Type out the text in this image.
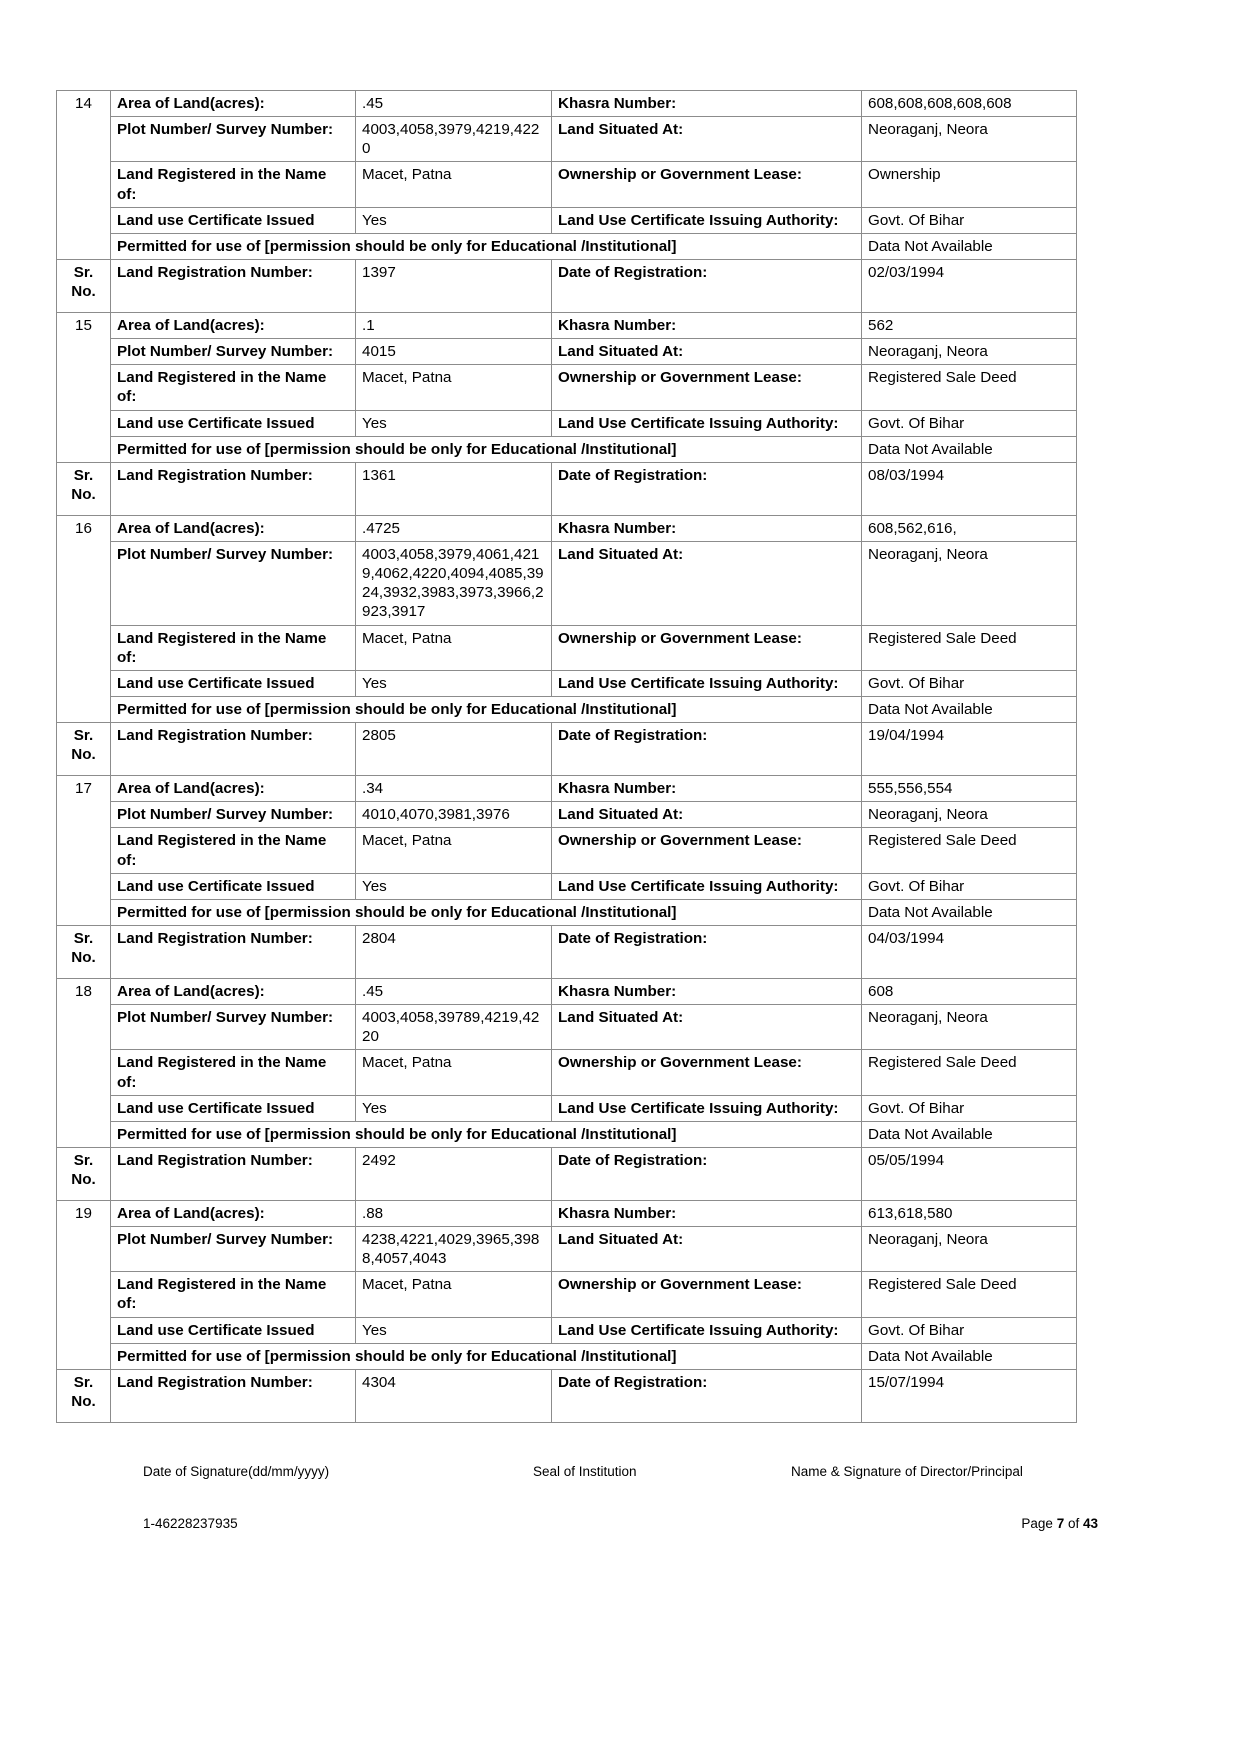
14	Area of Land(acres):	.45	Khasra Number:	608,608,608,608,608
	Plot Number/ Survey Number:	4003,4058,3979,4219,4220	Land Situated At:	Neoraganj, Neora
	Land Registered in the Name of:	Macet, Patna	Ownership or Government Lease:	Ownership
	Land use Certificate Issued	Yes	Land Use Certificate Issuing Authority:	Govt. Of Bihar
	Permitted for use of [permission should be only for Educational /Institutional]			Data Not Available
Sr. No.	Land Registration Number:	1397	Date of Registration:	02/03/1994
15	Area of Land(acres):	.1	Khasra Number:	562
	Plot Number/ Survey Number:	4015	Land Situated At:	Neoraganj, Neora
	Land Registered in the Name of:	Macet, Patna	Ownership or Government Lease:	Registered Sale Deed
	Land use Certificate Issued	Yes	Land Use Certificate Issuing Authority:	Govt. Of Bihar
	Permitted for use of [permission should be only for Educational /Institutional]			Data Not Available
Sr. No.	Land Registration Number:	1361	Date of Registration:	08/03/1994
16	Area of Land(acres):	.4725	Khasra Number:	608,562,616,
	Plot Number/ Survey Number:	4003,4058,3979,4061,4219,4062,4220,4094,4085,3924,3932,3983,3973,3966,2923,3917	Land Situated At:	Neoraganj, Neora
	Land Registered in the Name of:	Macet, Patna	Ownership or Government Lease:	Registered Sale Deed
	Land use Certificate Issued	Yes	Land Use Certificate Issuing Authority:	Govt. Of Bihar
	Permitted for use of [permission should be only for Educational /Institutional]			Data Not Available
Sr. No.	Land Registration Number:	2805	Date of Registration:	19/04/1994
17	Area of Land(acres):	.34	Khasra Number:	555,556,554
	Plot Number/ Survey Number:	4010,4070,3981,3976	Land Situated At:	Neoraganj, Neora
	Land Registered in the Name of:	Macet, Patna	Ownership or Government Lease:	Registered Sale Deed
	Land use Certificate Issued	Yes	Land Use Certificate Issuing Authority:	Govt. Of Bihar
	Permitted for use of [permission should be only for Educational /Institutional]			Data Not Available
Sr. No.	Land Registration Number:	2804	Date of Registration:	04/03/1994
18	Area of Land(acres):	.45	Khasra Number:	608
	Plot Number/ Survey Number:	4003,4058,39789,4219,4220	Land Situated At:	Neoraganj, Neora
	Land Registered in the Name of:	Macet, Patna	Ownership or Government Lease:	Registered Sale Deed
	Land use Certificate Issued	Yes	Land Use Certificate Issuing Authority:	Govt. Of Bihar
	Permitted for use of [permission should be only for Educational /Institutional]			Data Not Available
Sr. No.	Land Registration Number:	2492	Date of Registration:	05/05/1994
19	Area of Land(acres):	.88	Khasra Number:	613,618,580
	Plot Number/ Survey Number:	4238,4221,4029,3965,3988,4057,4043	Land Situated At:	Neoraganj, Neora
	Land Registered in the Name of:	Macet, Patna	Ownership or Government Lease:	Registered Sale Deed
	Land use Certificate Issued	Yes	Land Use Certificate Issuing Authority:	Govt. Of Bihar
	Permitted for use of [permission should be only for Educational /Institutional]			Data Not Available
Sr. No.	Land Registration Number:	4304	Date of Registration:	15/07/1994
Date of Signature(dd/mm/yyyy)	Seal of Institution	Name & Signature of Director/Principal
1-46228237935	Page 7 of 43
